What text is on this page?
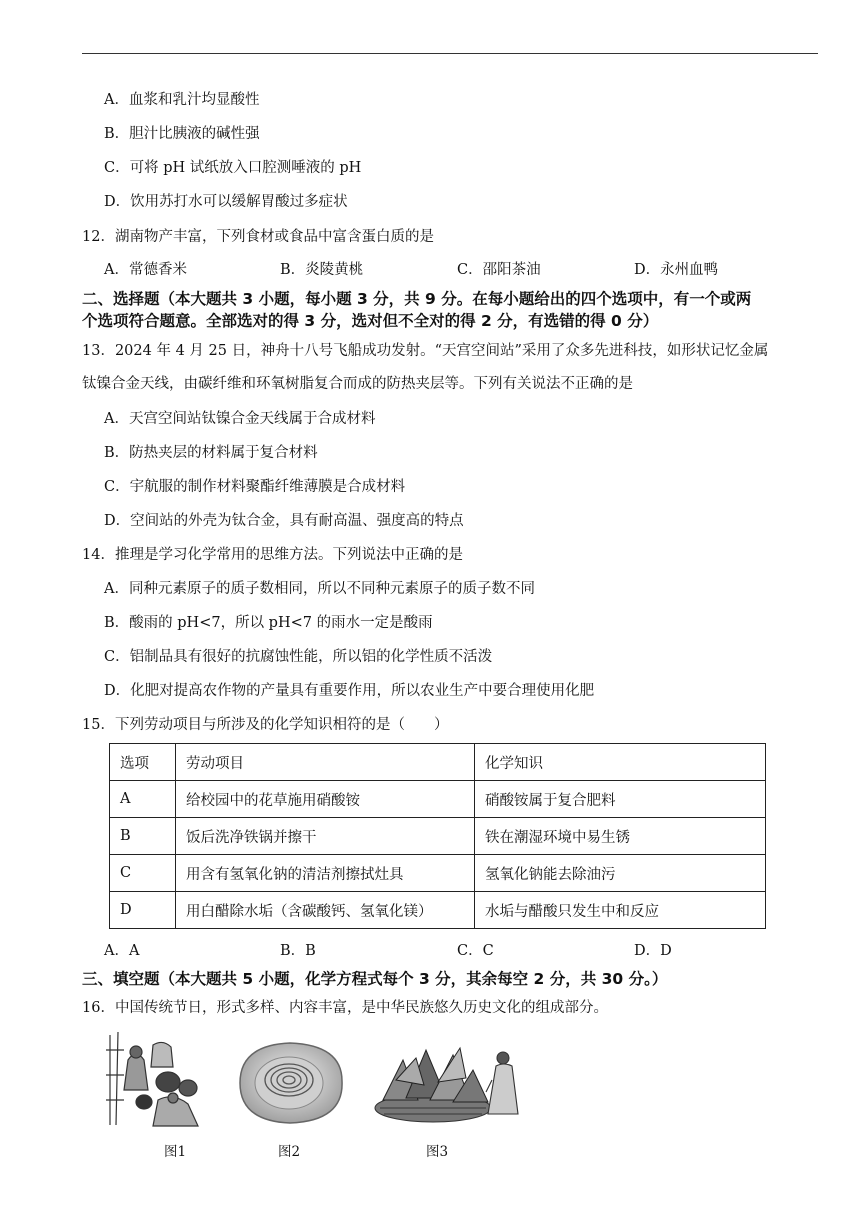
A．血浆和乳汁均显酸性
B．胆汁比胰液的碱性强
C．可将 pH 试纸放入口腔测唾液的 pH
D．饮用苏打水可以缓解胃酸过多症状
12．湖南物产丰富，下列食材或食品中富含蛋白质的是
A．常德香米	B．炎陵黄桃	C．邵阳茶油	D．永州血鸭
二、选择题（本大题共 3 小题，每小题 3 分，共 9 分。在每小题给出的四个选项中，有一个或两
个选项符合题意。全部选对的得 3 分，选对但不全对的得 2 分，有选错的得 0 分）
13．2024 年 4 月 25 日，神舟十八号飞船成功发射。“天宫空间站”采用了众多先进科技，如形状记忆金属
钛镍合金天线，由碳纤维和环氧树脂复合而成的防热夹层等。下列有关说法不正确的是
A．天宫空间站钛镍合金天线属于合成材料
B．防热夹层的材料属于复合材料
C．宇航服的制作材料聚酯纤维薄膜是合成材料
D．空间站的外壳为钛合金，具有耐高温、强度高的特点
14．推理是学习化学常用的思维方法。下列说法中正确的是
A．同种元素原子的质子数相同，所以不同种元素原子的质子数不同
B．酸雨的 pH<7，所以 pH<7 的雨水一定是酸雨
C．铝制品具有很好的抗腐蚀性能，所以铝的化学性质不活泼
D．化肥对提高农作物的产量具有重要作用，所以农业生产中要合理使用化肥
15．下列劳动项目与所涉及的化学知识相符的是（　　）
选项	劳动项目	化学知识
A	给校园中的花草施用硝酸铵	硝酸铵属于复合肥料
B	饭后洗净铁锅并擦干	铁在潮湿环境中易生锈
C	用含有氢氧化钠的清洁剂擦拭灶具	氢氧化钠能去除油污
D	用白醋除水垢（含碳酸钙、氢氧化镁）	水垢与醋酸只发生中和反应
A．A	B．B	C．C	D．D
三、填空题（本大题共 5 小题，化学方程式每个 3 分，其余每空 2 分，共 30 分。）
16．中国传统节日，形式多样、内容丰富，是中华民族悠久历史文化的组成部分。
图1	图2	图3
